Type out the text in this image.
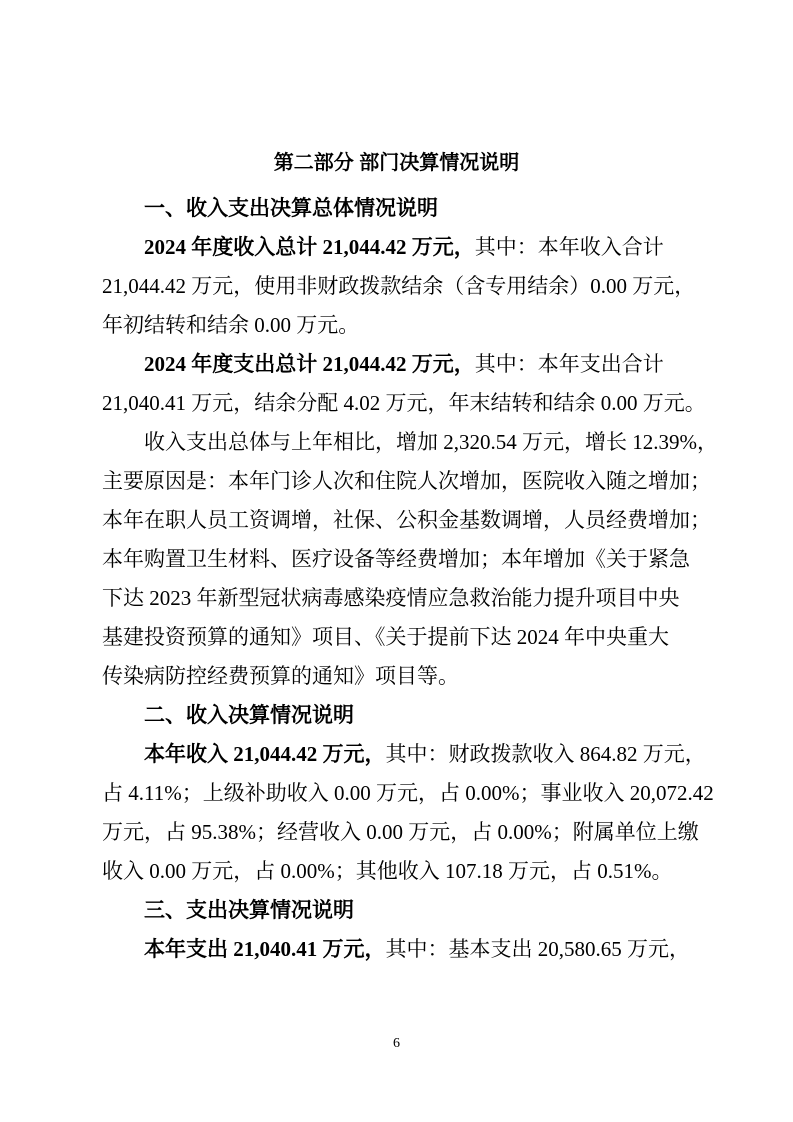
第二部分 部门决算情况说明
一、收入支出决算总体情况说明
2024 年度收入总计 21,044.42 万元，其中：本年收入合计
21,044.42 万元，使用非财政拨款结余（含专用结余）0.00 万元，
年初结转和结余 0.00 万元。
2024 年度支出总计 21,044.42 万元，其中：本年支出合计
21,040.41 万元，结余分配 4.02 万元，年末结转和结余 0.00 万元。
收入支出总体与上年相比，增加 2,320.54 万元，增长 12.39%，
主要原因是：本年门诊人次和住院人次增加，医院收入随之增加；
本年在职人员工资调增，社保、公积金基数调增，人员经费增加；
本年购置卫生材料、医疗设备等经费增加；本年增加《关于紧急
下达 2023 年新型冠状病毒感染疫情应急救治能力提升项目中央
基建投资预算的通知》项目、《关于提前下达 2024 年中央重大
传染病防控经费预算的通知》项目等。
二、收入决算情况说明
本年收入 21,044.42 万元，其中：财政拨款收入 864.82 万元，
占 4.11%；上级补助收入 0.00 万元，占 0.00%；事业收入 20,072.42
万元，占 95.38%；经营收入 0.00 万元，占 0.00%；附属单位上缴
收入 0.00 万元，占 0.00%；其他收入 107.18 万元，占 0.51%。
三、支出决算情况说明
本年支出 21,040.41 万元，其中：基本支出 20,580.65 万元，
6
